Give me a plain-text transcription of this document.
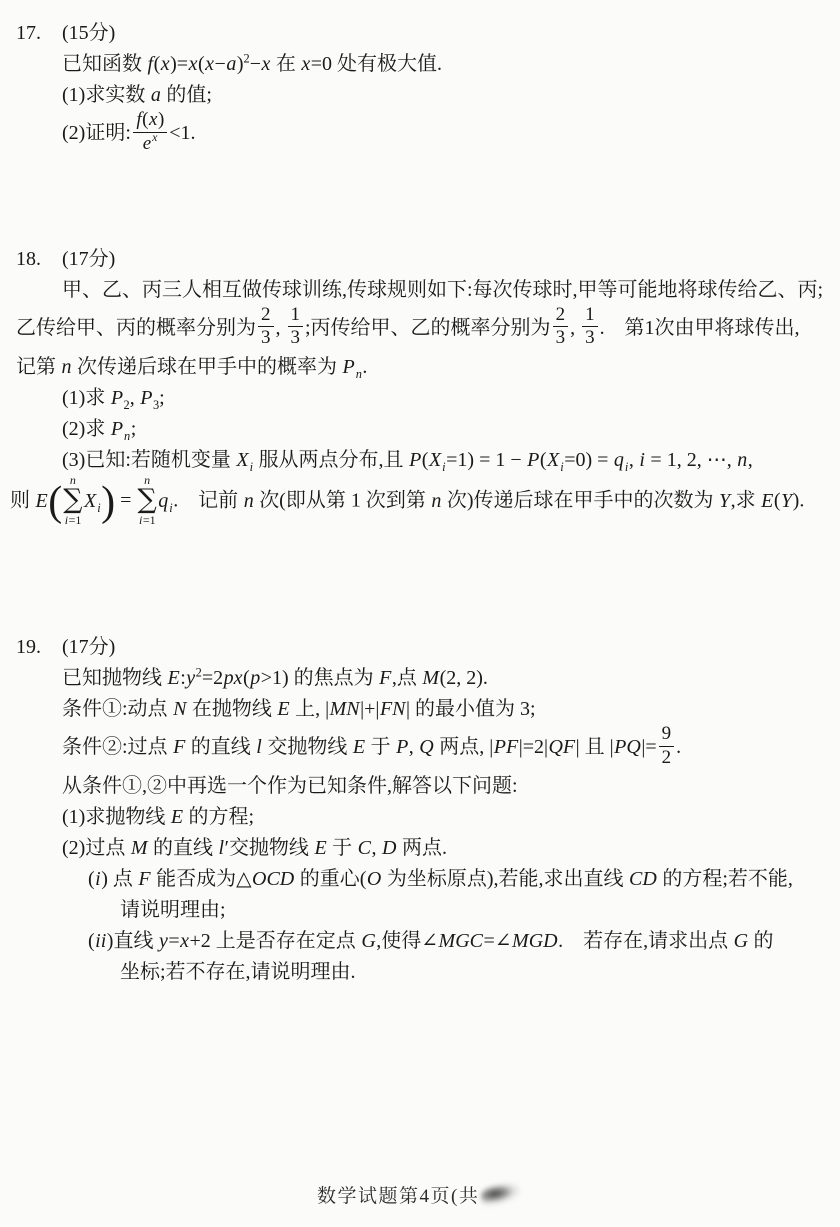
17. (15分)
已知函数 $f(x)=x(x-a)^2-x$ 在 x=0 处有极大值.
(1)求实数 a 的值;
(2)证明: $\frac{f(x)}{e^x} <1$.
18. (17分)
甲、乙、丙三人相互做传球训练,传球规则如下:每次传球时,甲等可能地将球传给乙、丙;
乙传给甲、丙的概率分别为 $\frac{2}{3}$ , $\frac{1}{3}$ ;丙传给甲、乙的概率分别为 $\frac{2}{3}$ , $\frac{1}{3}$ .　第1次由甲将球传出,
记第 n 次传递后球在甲手中的概率为 $P_n$.
(1)求 $P_2$, $P_3$;
(2)求 $P_n$;
(3)已知:若随机变量 $X_i$ 服从两点分布,且 $P(X_i=1) = 1 - P(X_i=0) = q_i$, i = 1, 2, ⋯, n,
则 E( n
∑
i=1
$X_i$) =
n
∑
i=1
$q_i$.　记前 n 次(即从第 1 次到第 n 次)传递后球在甲手中的次数为 Y,求 E(Y).
19. (17分)
已知抛物线 $E:y^2=2px(p>1)$ 的焦点为 F,点 M(2, 2).
条件①:动点 N 在抛物线 E 上, |MN|+|FN| 的最小值为 3;
条件②:过点 F 的直线 l 交抛物线 E 于 P, Q 两点, |PF|=2|QF| 且 $|PQ|= \frac{9}{2}$ .
从条件①,②中再选一个作为已知条件,解答以下问题:
(1)求抛物线 E 的方程;
(2)过点 M 的直线 l′交抛物线 E 于 C, D 两点.
(i) 点 F 能否成为△OCD 的重心(O 为坐标原点),若能,求出直线 CD 的方程;若不能,
请说明理由;
(ii)直线 y=x+2 上是否存在定点 G,使得∠MGC=∠MGD.　若存在,请求出点 G 的
坐标;若不存在,请说明理由.
数学试题第4页(共
